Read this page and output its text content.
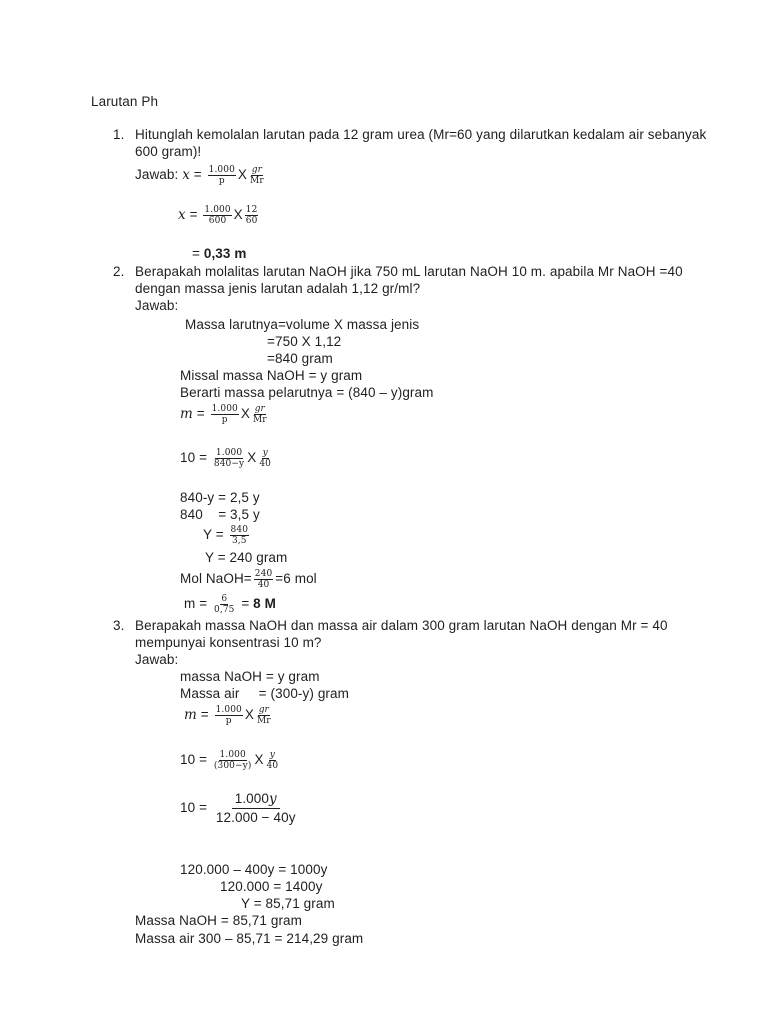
Larutan Ph
1. Hitunglah kemolalan larutan pada 12 gram urea (Mr=60 yang dilarutkan kedalam air sebanyak
600 gram)!
Jawab: $x = \frac{1.000}{p}$ X $\frac{gr}{Mr}$
$x = \frac{1.000}{600}$ X $\frac{12}{60}$
= 0,33 m
2. Berapakah molalitas larutan NaOH jika 750 mL larutan NaOH 10 m. apabila Mr NaOH =40
dengan massa jenis larutan adalah 1,12 gr/ml?
Jawab:
Massa larutnya=volume X massa jenis
=750 X 1,12
=840 gram
Missal massa NaOH = y gram
Berarti massa pelarutnya = (840 – y)gram
$m = \frac{1.000}{p}$ X $\frac{gr}{Mr}$
$10 = \frac{1.000}{840-y}$ X $\frac{y}{40}$
840-y = 2,5 y
840    = 3,5 y
$Y = \frac{840}{3,5}$
Y = 240 gram
Mol NaOH= $\frac{240}{40} =6$ mol
$m = \frac{6}{0,75} = 8$ M
3. Berapakah massa NaOH dan massa air dalam 300 gram larutan NaOH dengan Mr = 40
mempunyai konsentrasi 10 m?
Jawab:
massa NaOH = y gram
Massa air     = (300-y) gram
$m = \frac{1.000}{p}$ X $\frac{gr}{Mr}$
$10 = \frac{1.000}{(300-y)}$ X $\frac{y}{40}$
$10 = \frac{1.000y}{12.000 - 40y}$
120.000 – 400y = 1000y
120.000 = 1400y
Y = 85,71 gram
Massa NaOH = 85,71 gram
Massa air 300 – 85,71 = 214,29 gram
